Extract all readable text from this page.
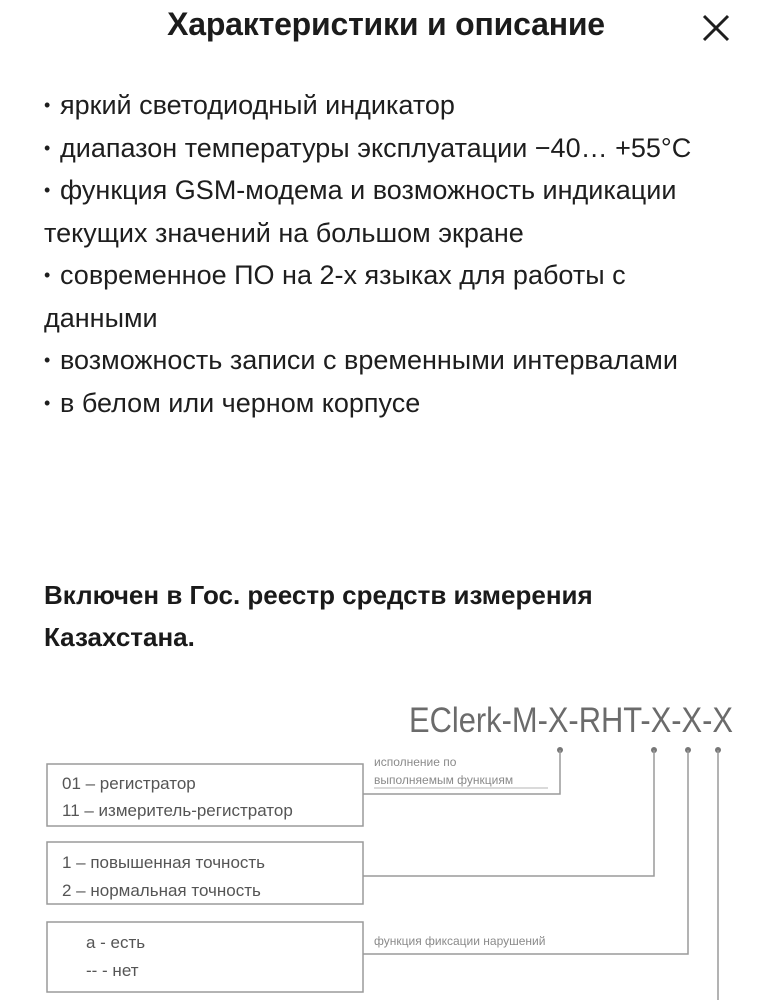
Характеристики и описание
• яркий светодиодный индикатор
• диапазон температуры эксплуатации −40… +55°С
• функция GSM-модема и возможность индикации текущих значений на большом экране
• современное ПО на 2-х языках для работы с данными
• возможность записи с временными интервалами
• в белом или черном корпусе
Включен в Гос. реестр средств измерения Казахстана.
EClerk-M-X-RHT-X-X-X
01 – регистратор
11 – измеритель-регистратор
исполнение по
выполняемым функциям
1 – повышенная точность
2 – нормальная точность
а - есть
-- - нет
функция фиксации нарушений
